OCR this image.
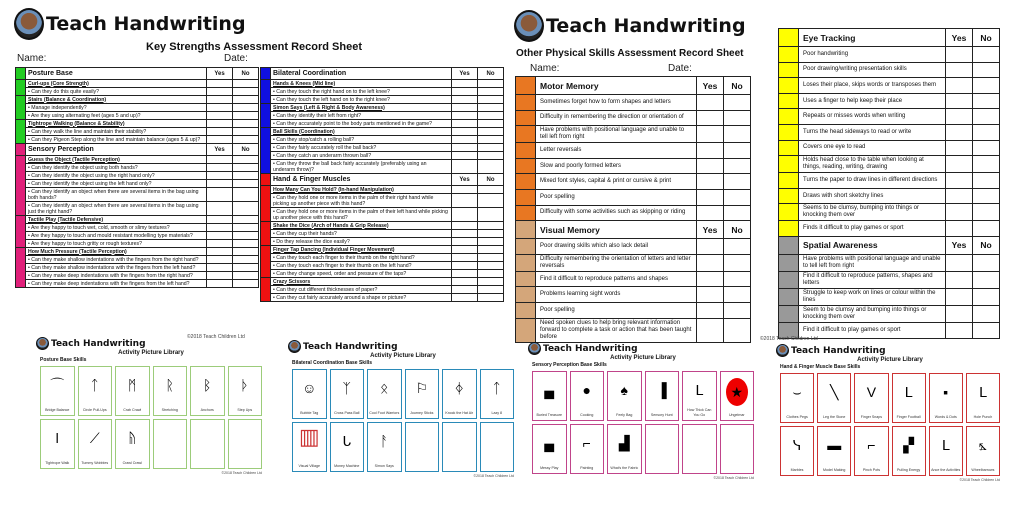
Teach Handwriting
Key Strengths Assessment Record Sheet
Name:	Date:
	Posture Base	Yes	No
	Curl-ups (Core Strength)		
	• Can they do this quite easily?		
	Stairs (Balance & Coordination)		
	• Manage independently?		
	• Are they using alternating feet (ages 5 and up)?		
	Tightrope Walking (Balance & Stability)		
	• Can they walk the line and maintain their stability?		
	• Can they Pigeon Step along the line and maintain balance (ages 5 & up)?		
	Sensory Perception	Yes	No
	Guess the Object (Tactile Perception)		
	• Can they identify the object using both hands?		
	• Can they identify the object using the right hand only?		
	• Can they identify the object using the left hand only?		
	• Can they identify an object when there are several items in the bag using both hands?		
	• Can they identify an object when there are several items in the bag using just the right hand?		
	Tactile Play (Tactile Defensive)		
	• Are they happy to touch wet, cold, smooth or slimy textures?		
	• Are they happy to touch and mould resistant modelling type materials?		
	• Are they happy to touch gritty or rough textures?		
	How Much Pressure (Tactile Perception)		
	• Can they make shallow indentations with the fingers from the right hand?		
	• Can they make shallow indentations with the fingers from the left hand?		
	• Can they make deep indentations with the fingers from the right hand?		
	• Can they make deep indentations with the fingers from the left hand?		
	Bilateral Coordination	Yes	No
	Hands & Knees (Mid line)		
	• Can they touch the right hand on to the left knee?		
	• Can they touch the left hand on to the right knee?		
	Simon Says (Left & Right & Body Awareness)		
	• Can they identify their left from right?		
	• Can they accurately point to the body parts mentioned in the game?		
	Ball Skills (Coordination)		
	• Can they stop/catch a rolling ball?		
	• Can they fairly accurately roll the ball back?		
	• Can they catch an underarm thrown ball?		
	• Can they throw the ball back fairly accurately (preferably using an underarm throw)?		
	Hand & Finger Muscles	Yes	No
	How Many Can You Hold? (In-hand Manipulation)		
	• Can they hold one or more items in the palm of their right hand while picking up another piece with this hand?		
	• Can they hold one or more items in the palm of their left hand while picking up another piece with this hand?		
	Shake the Dice (Arch of Hands & Grip Release)		
	• Can they cup their hands?		
	• Do they release the dice easily?		
	Finger Tap Dancing (Individual Finger Movement)		
	• Can they touch each finger to their thumb on the right hand?		
	• Can they touch each finger to their thumb on the left hand?		
	• Can they change speed, order and pressure of the taps?		
	Crazy Scissors		
	• Can they cut different thicknesses of paper?		
	• Can they cut fairly accurately around a shape or picture?		
©2018 Teach Children Ltd
Teach Handwriting
Other Physical Skills Assessment Record Sheet
Name:	Date:
	Motor Memory	Yes	No
	Sometimes forget how to form shapes and letters		
	Difficulty in remembering the direction or orientation of		
	Have problems with positional language and unable to tell left from right		
	Letter reversals		
	Slow and poorly formed letters		
	Mixed font styles, capital & print or cursive & print		
	Poor spelling		
	Difficulty with some activities such as skipping or riding		
	Visual Memory	Yes	No
	Poor drawing skills which also lack detail		
	Difficulty remembering the orientation of letters and letter reversals		
	Find it difficult to reproduce patterns and shapes		
	Problems learning sight words		
	Poor spelling		
	Need spoken clues to help bring relevant information forward to complete a task or action that has been taught before		
	Eye Tracking	Yes	No
	Poor handwriting		
	Poor drawing/writing presentation skills		
	Loses their place, skips words or transposes them		
	Uses a finger to help keep their place		
	Repeats or misses words when writing		
	Turns the head sideways to read or write		
	Covers one eye to read		
	Holds head close to the table when looking at things, reading, writing, drawing		
	Turns the paper to draw lines in different directions		
	Draws with short sketchy lines		
	Seems to be clumsy, bumping into things or knocking them over		
	Finds it difficult to play games or sport		
	Spatial Awareness	Yes	No
	Have problems with positional language and unable to tell left from right		
	Find it difficult to reproduce patterns, shapes and letters		
	Struggle to keep work on lines or colour within the lines		
	Seem to be clumsy and bumping into things or knocking them over		
	Find it difficult to play games or sport		
©2018 Teach Children Ltd
Teach Handwriting
Activity Picture Library
Posture Base Skills
⌒
Bridge Balance
ᛏ
Circle Pull-Ups
ᛗ
Crab Crawl
ᚱ
Stretching
ᛒ
Anchors
ᚦ
Step Ups
ǀ
Tightrope Walk
⟋
Tummy Wobbles
ᚥ
Crawl Crawl
©2018 Teach Children Ltd
Teach Handwriting
Activity Picture Library
Bilateral Coordination Base Skills
☺
Bubble Tag
ᛉ
Cross Pass Ball
ᛟ
Cool Foot Warriors
⚐
Journey Sticks
ᛄ
Knock the Hat Air
ᛏ
Lazy 8
▥
Visual Village
ᒐ
Money Machine
ᚨ
Simon Says
©2018 Teach Children Ltd
Teach Handwriting
Activity Picture Library
Sensory Perception Base Skills
▄
Buried Treasure
●
Cooking
♠
Feely Bag
▐
Sensory Hunt
ᒪ
How Thick Can You Go
★
Ungelmar
▄
Messy Play
⌐
Painting
▟
What's the Fabric
©2018 Teach Children Ltd
Teach Handwriting
Activity Picture Library
Hand & Finger Muscle Base Skills
⌣
Clothes Pegs
╲
Leg the Stone
V
Finger Snaps
ᒪ
Finger Football
▪
Words & Dots
ᒪ
Hole Punch
ᓭ
Marbles
▬
Model Making
⌐
Pinch Pots
▞
Pulling Energy
ᒪ
Ance the Activities
⦩
Wheelbarrows
©2018 Teach Children Ltd
